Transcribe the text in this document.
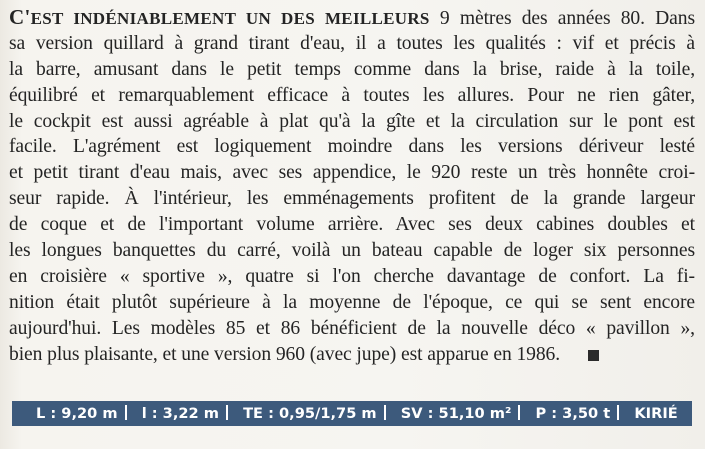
C'EST INDÉNIABLEMENT UN DES MEILLEURS 9 mètres des années 80. Dans
sa version quillard à grand tirant d'eau, il a toutes les qualités : vif et précis à
la barre, amusant dans le petit temps comme dans la brise, raide à la toile,
équilibré et remarquablement efficace à toutes les allures. Pour ne rien gâter,
le cockpit est aussi agréable à plat qu'à la gîte et la circulation sur le pont est
facile. L'agrément est logiquement moindre dans les versions dériveur lesté
et petit tirant d'eau mais, avec ses appendice, le 920 reste un très honnête croi-
seur rapide. À l'intérieur, les emménagements profitent de la grande largeur
de coque et de l'important volume arrière. Avec ses deux cabines doubles et
les longues banquettes du carré, voilà un bateau capable de loger six personnes
en croisière « sportive », quatre si l'on cherche davantage de confort. La fi-
nition était plutôt supérieure à la moyenne de l'époque, ce qui se sent encore
aujourd'hui. Les modèles 85 et 86 bénéficient de la nouvelle déco « pavillon »,
bien plus plaisante, et une version 960 (avec jupe) est apparue en 1986.
L : 9,20 m l : 3,22 m TE : 0,95/1,75 m SV : 51,10 m² P : 3,50 t KIRIÉ
